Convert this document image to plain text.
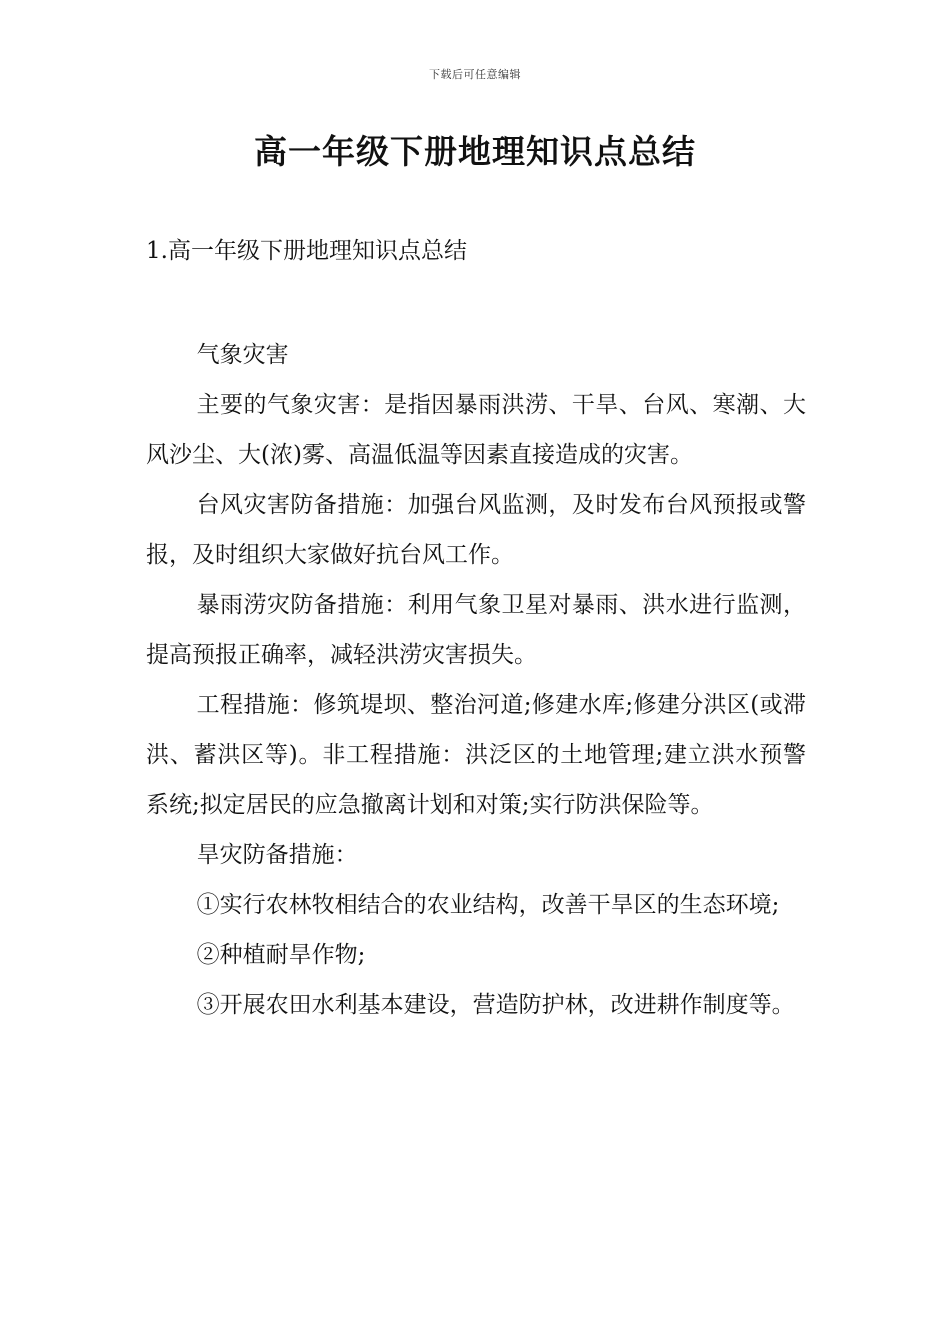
下载后可任意编辑
高一年级下册地理知识点总结
1.高一年级下册地理知识点总结

气象灾害

主要的气象灾害：是指因暴雨洪涝、干旱、台风、寒潮、大风沙尘、大(浓)雾、高温低温等因素直接造成的灾害。

台风灾害防备措施：加强台风监测，及时发布台风预报或警报，及时组织大家做好抗台风工作。

暴雨涝灾防备措施：利用气象卫星对暴雨、洪水进行监测，提高预报正确率，减轻洪涝灾害损失。

工程措施：修筑堤坝、整治河道;修建水库;修建分洪区(或滞洪、蓄洪区等)。非工程措施：洪泛区的土地管理;建立洪水预警系统;拟定居民的应急撤离计划和对策;实行防洪保险等。

旱灾防备措施：

①实行农林牧相结合的农业结构，改善干旱区的生态环境;

②种植耐旱作物;

③开展农田水利基本建设，营造防护林，改进耕作制度等。
